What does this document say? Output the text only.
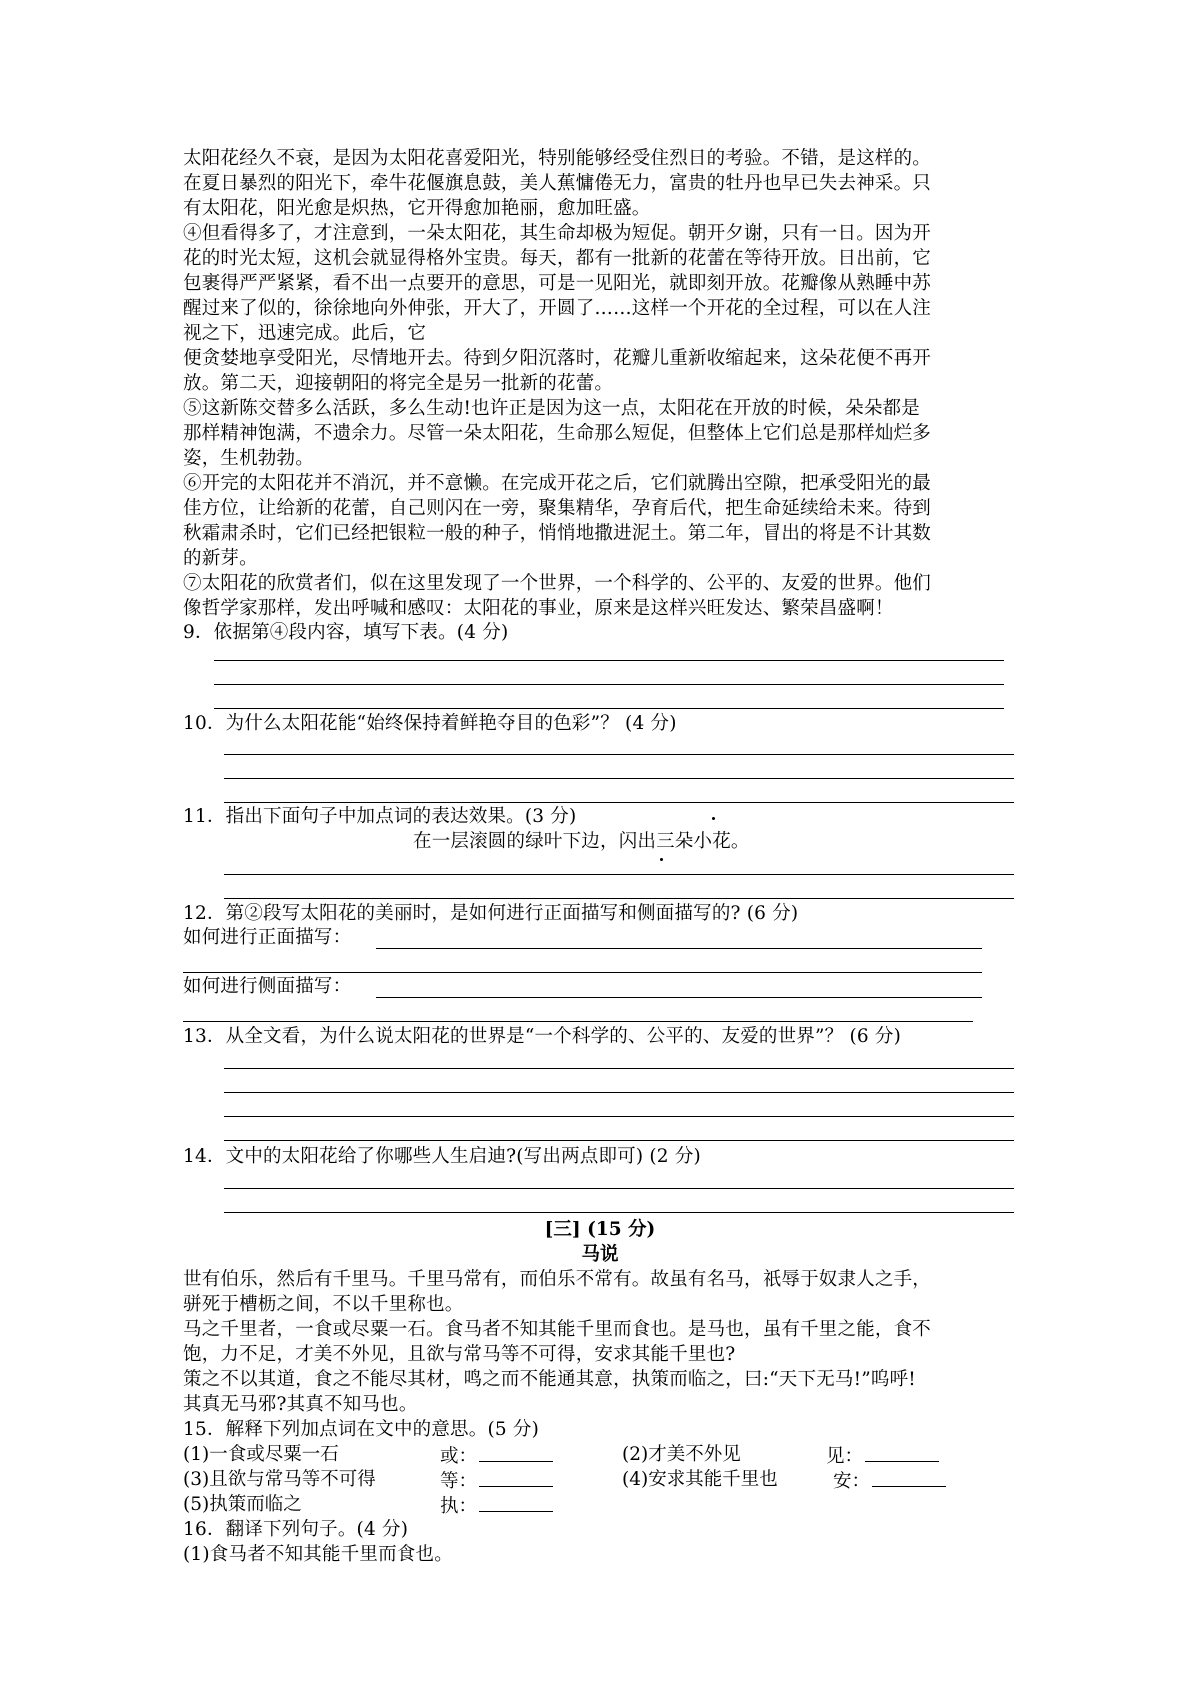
太阳花经久不衰，是因为太阳花喜爱阳光，特别能够经受住烈日的考验。不错，是这样的。
在夏日暴烈的阳光下，牵牛花偃旗息鼓，美人蕉慵倦无力，富贵的牡丹也早已失去神采。只
有太阳花，阳光愈是炽热，它开得愈加艳丽，愈加旺盛。
④但看得多了，才注意到，一朵太阳花，其生命却极为短促。朝开夕谢，只有一日。因为开
花的时光太短，这机会就显得格外宝贵。每天，都有一批新的花蕾在等待开放。日出前，它
包裹得严严紧紧，看不出一点要开的意思，可是一见阳光，就即刻开放。花瓣像从熟睡中苏
醒过来了似的，徐徐地向外伸张，开大了，开圆了……这样一个开花的全过程，可以在人注
视之下，迅速完成。此后，它
便贪婪地享受阳光，尽情地开去。待到夕阳沉落时，花瓣儿重新收缩起来，这朵花便不再开
放。第二天，迎接朝阳的将完全是另一批新的花蕾。
⑤这新陈交替多么活跃，多么生动!也许正是因为这一点，太阳花在开放的时候，朵朵都是
那样精神饱满，不遗余力。尽管一朵太阳花，生命那么短促，但整体上它们总是那样灿烂多
姿，生机勃勃。
⑥开完的太阳花并不消沉，并不意懒。在完成开花之后，它们就腾出空隙，把承受阳光的最
佳方位，让给新的花蕾，自己则闪在一旁，聚集精华，孕育后代，把生命延续给未来。待到
秋霜肃杀时，它们已经把银粒一般的种子，悄悄地撒进泥土。第二年，冒出的将是不计其数
的新芽。
⑦太阳花的欣赏者们，似在这里发现了一个世界，一个科学的、公平的、友爱的世界。他们
像哲学家那样，发出呼喊和感叹：太阳花的事业，原来是这样兴旺发达、繁荣昌盛啊！
9．依据第④段内容，填写下表。(4 分)
10．为什么太阳花能“始终保持着鲜艳夺目的色彩”？ (4 分)
11．指出下面句子中加点词的表达效果。(3 分)
在一层滚圆的绿叶下边，闪出三朵小花。
12．第②段写太阳花的美丽时，是如何进行正面描写和侧面描写的? (6 分)
如何进行正面描写：
如何进行侧面描写：
13．从全文看，为什么说太阳花的世界是“一个科学的、公平的、友爱的世界”？ (6 分)
14．文中的太阳花给了你哪些人生启迪?(写出两点即可) (2 分)
[三] (15 分)
马说
世有伯乐，然后有千里马。千里马常有，而伯乐不常有。故虽有名马，祇辱于奴隶人之手，
骈死于槽枥之间，不以千里称也。
马之千里者，一食或尽粟一石。食马者不知其能千里而食也。是马也，虽有千里之能，食不
饱，力不足，才美不外见，且欲与常马等不可得，安求其能千里也?
策之不以其道，食之不能尽其材，鸣之而不能通其意，执策而临之，曰:“天下无马!”呜呼!
其真无马邪?其真不知马也。
15．解释下列加点词在文中的意思。(5 分)
(1)一食或尽粟一石	或：	(2)才美不外见	见：
(3)且欲与常马等不可得	等：	(4)安求其能千里也	安：
(5)执策而临之	执：
16．翻译下列句子。(4 分)
(1)食马者不知其能千里而食也。
